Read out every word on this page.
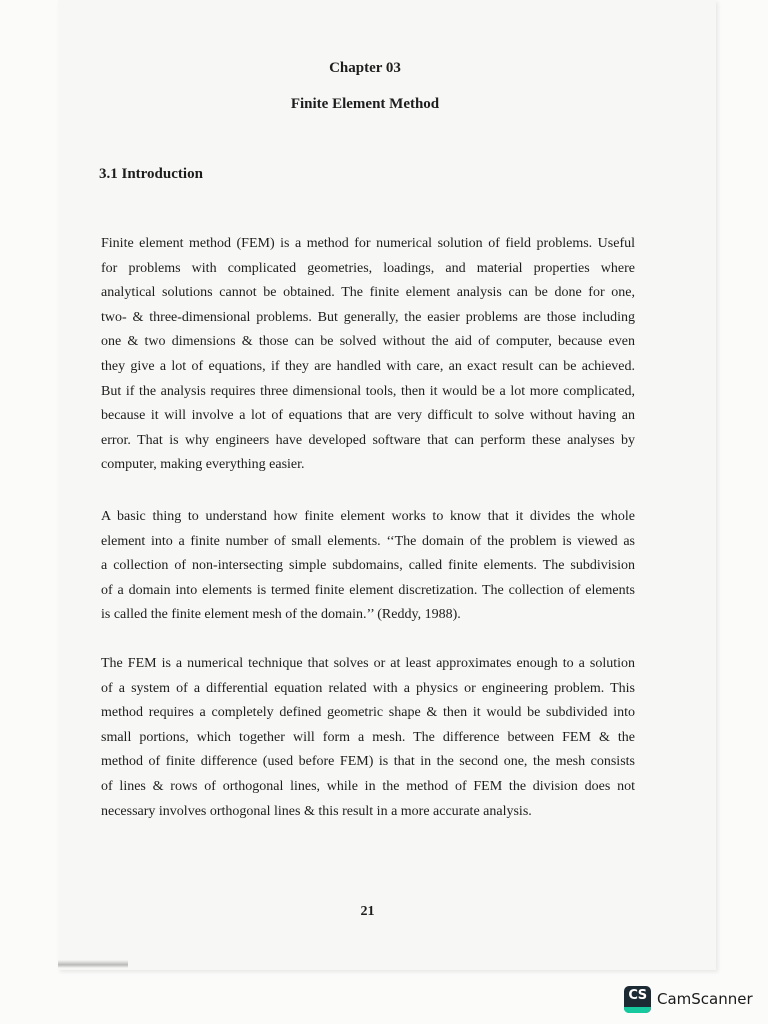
Chapter 03
Finite Element Method
3.1 Introduction
Finite element method (FEM) is a method for numerical solution of field problems. Useful
for problems with complicated geometries, loadings, and material properties where
analytical solutions cannot be obtained. The finite element analysis can be done for one,
two- & three-dimensional problems. But generally, the easier problems are those including
one & two dimensions & those can be solved without the aid of computer, because even
they give a lot of equations, if they are handled with care, an exact result can be achieved.
But if the analysis requires three dimensional tools, then it would be a lot more complicated,
because it will involve a lot of equations that are very difficult to solve without having an
error. That is why engineers have developed software that can perform these analyses by
computer, making everything easier.
A basic thing to understand how finite element works to know that it divides the whole
element into a finite number of small elements. ‘‘The domain of the problem is viewed as
a collection of non-intersecting simple subdomains, called finite elements. The subdivision
of a domain into elements is termed finite element discretization. The collection of elements
is called the finite element mesh of the domain.’’ (Reddy, 1988).
The FEM is a numerical technique that solves or at least approximates enough to a solution
of a system of a differential equation related with a physics or engineering problem. This
method requires a completely defined geometric shape & then it would be subdivided into
small portions, which together will form a mesh. The difference between FEM & the
method of finite difference (used before FEM) is that in the second one, the mesh consists
of lines & rows of orthogonal lines, while in the method of FEM the division does not
necessary involves orthogonal lines & this result in a more accurate analysis.
21
CS CamScanner
